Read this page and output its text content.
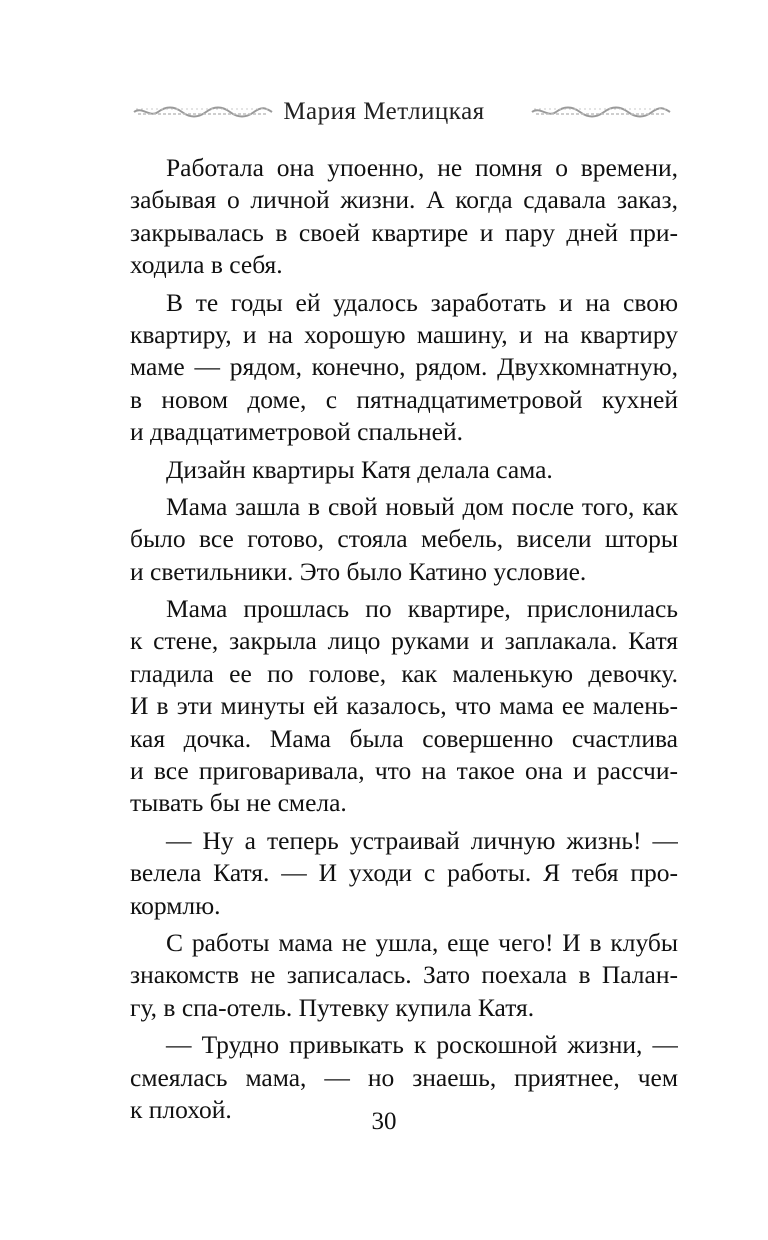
Мария Метлицкая
Работала она упоенно, не помня о времени,
забывая о личной жизни. А когда сдавала заказ,
закрывалась в своей квартире и пару дней при-
ходила в себя.
В те годы ей удалось заработать и на свою
квартиру, и на хорошую машину, и на квартиру
маме — рядом, конечно, рядом. Двухкомнатную,
в новом доме, с пятнадцатиметровой кухней
и двадцатиметровой спальней.
Дизайн квартиры Катя делала сама.
Мама зашла в свой новый дом после того, как
было все готово, стояла мебель, висели шторы
и светильники. Это было Катино условие.
Мама прошлась по квартире, прислонилась
к стене, закрыла лицо руками и заплакала. Катя
гладила ее по голове, как маленькую девочку.
И в эти минуты ей казалось, что мама ее малень-
кая дочка. Мама была совершенно счастлива
и все приговаривала, что на такое она и рассчи-
тывать бы не смела.
— Ну а теперь устраивай личную жизнь! —
велела Катя. — И уходи с работы. Я тебя про-
кормлю.
С работы мама не ушла, еще чего! И в клубы
знакомств не записалась. Зато поехала в Палан-
гу, в спа-отель. Путевку купила Катя.
— Трудно привыкать к роскошной жизни, —
смеялась мама, — но знаешь, приятнее, чем
к плохой.	30
